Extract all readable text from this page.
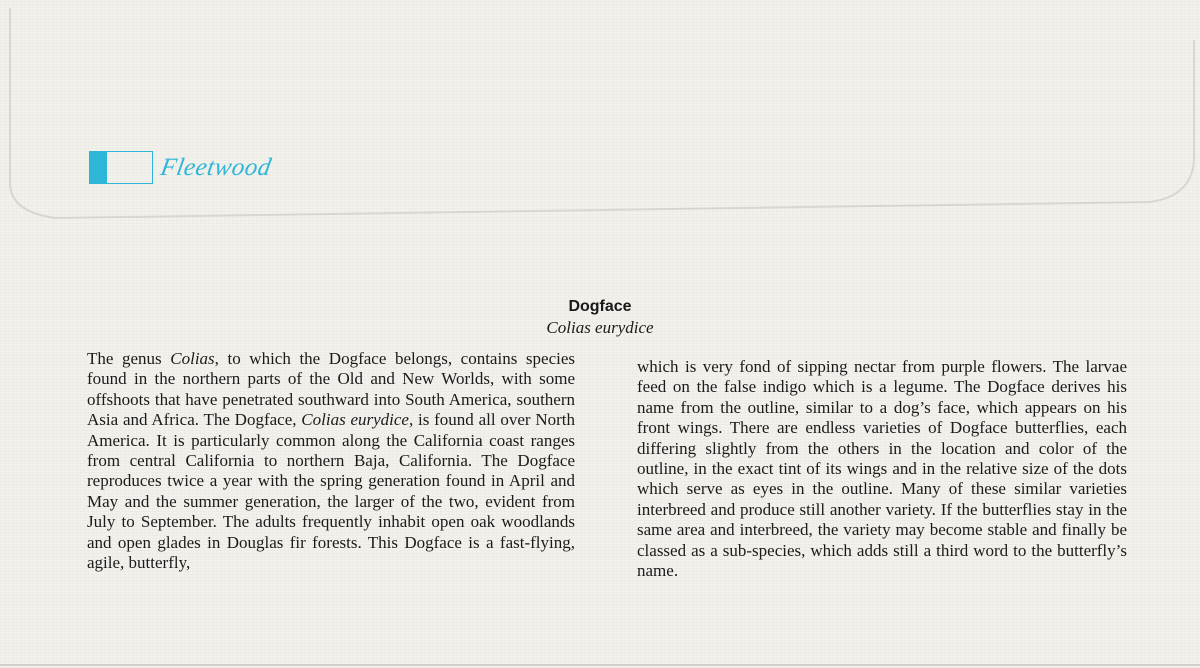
Fleetwood
Dogface
Colias eurydice

The genus Colias, to which the Dogface belongs, contains species found in the northern parts of the Old and New Worlds, with some offshoots that have penetrated southward into South America, southern Asia and Africa. The Dogface, Colias eurydice, is found all over North America. It is particularly common along the California coast ranges from central California to northern Baja, California. The Dogface reproduces twice a year with the spring generation found in April and May and the summer generation, the larger of the two, evident from July to September. The adults frequently inhabit open oak woodlands and open glades in Douglas fir forests. This Dogface is a fast-flying, agile, butterfly,

which is very fond of sipping nectar from purple flowers. The larvae feed on the false indigo which is a legume. The Dogface derives his name from the outline, similar to a dog’s face, which appears on his front wings. There are endless varieties of Dogface butterflies, each differing slightly from the others in the location and color of the outline, in the exact tint of its wings and in the relative size of the dots which serve as eyes in the outline. Many of these similar varieties interbreed and produce still another variety. If the butterflies stay in the same area and interbreed, the variety may become stable and finally be classed as a sub-species, which adds still a third word to the butterfly’s name.
